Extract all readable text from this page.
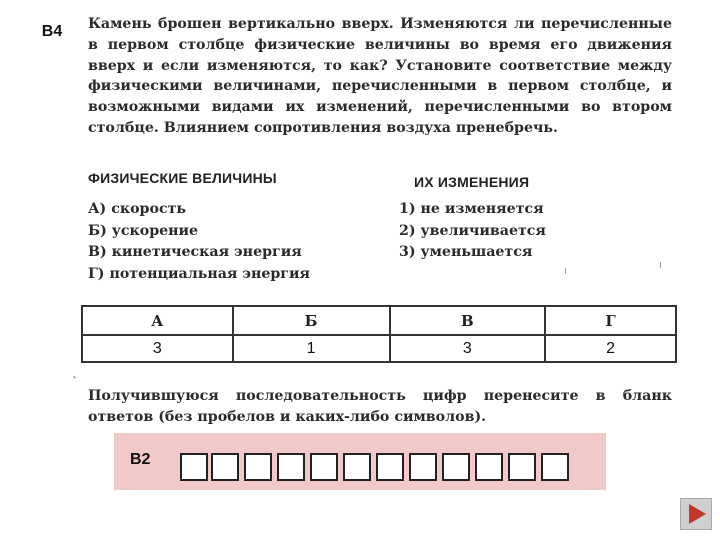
В4	Камень брошен вертикально вверх. Изменяются ли перечисленные в первом столбце физические величины во время его движения вверх и если изменяются, то как? Установите соответствие между физическими величинами, перечисленными в первом столбце, и возможными видами их изменений, перечисленными во втором столбце. Влиянием сопротивления воздуха пренебречь.

ФИЗИЧЕСКИЕ ВЕЛИЧИНЫ	ИХ ИЗМЕНЕНИЯ
А) скорость
Б) ускорение
В) кинетическая энергия
Г) потенциальная энергия
1) не изменяется
2) увеличивается
3) уменьшается
А	Б	В	Г
3	1	3	2
`

Получившуюся последовательность цифр перенесите в бланк ответов (без пробелов и каких-либо символов).

В2
